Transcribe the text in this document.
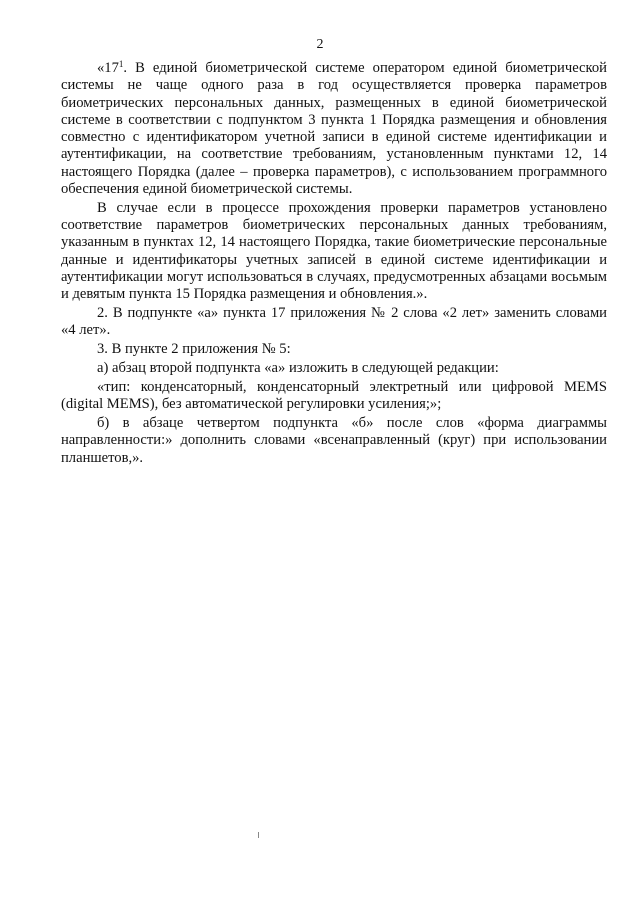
2

«$17^1$. В единой биометрической системе оператором единой биометрической системы не чаще одного раза в год осуществляется проверка параметров биометрических персональных данных, размещенных в единой биометрической системе в соответствии с подпунктом 3 пункта 1 Порядка размещения и обновления совместно с идентификатором учетной записи в единой системе идентификации и аутентификации, на соответствие требованиям, установленным пунктами 12, 14 настоящего Порядка (далее – проверка параметров), с использованием программного обеспечения единой биометрической системы.

В случае если в процессе прохождения проверки параметров установлено соответствие параметров биометрических персональных данных требованиям, указанным в пунктах 12, 14 настоящего Порядка, такие биометрические персональные данные и идентификаторы учетных записей в единой системе идентификации и аутентификации могут использоваться в случаях, предусмотренных абзацами восьмым и девятым пункта 15 Порядка размещения и обновления.».

2. В подпункте «а» пункта 17 приложения № 2 слова «2 лет» заменить словами «4 лет».

3. В пункте 2 приложения № 5:

а) абзац второй подпункта «а» изложить в следующей редакции:

«тип: конденсаторный, конденсаторный электретный или цифровой MEMS (digital MEMS), без автоматической регулировки усиления;»;

б) в абзаце четвертом подпункта «б» после слов «форма диаграммы направленности:» дополнить словами «всенаправленный (круг) при использовании планшетов,».
